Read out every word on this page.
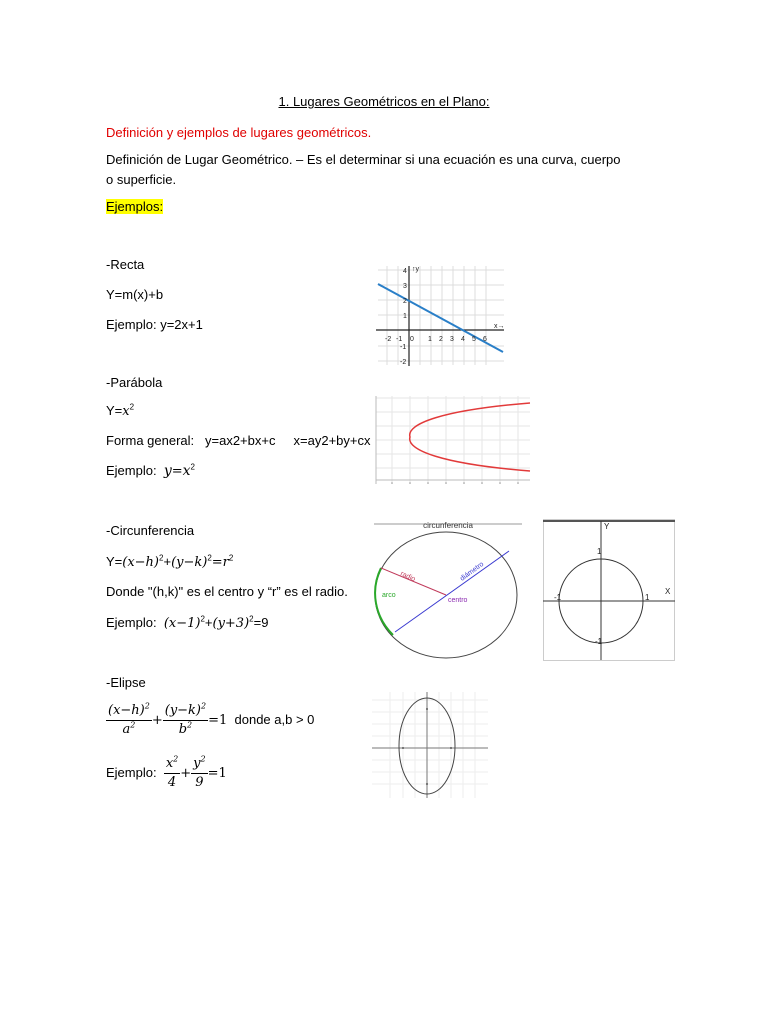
1. Lugares Geométricos en el Plano:
Definición y ejemplos de lugares geométricos.
Definición de Lugar Geométrico. – Es el determinar si una ecuación es una curva, cuerpo o superficie.
Ejemplos:
-Recta
Y=m(x)+b
Ejemplo: y=2x+1
-2 -1 0 1 2 3 4 5 6
4
3
2
1
-1
-2
x→
↑y
-Parábola
$Y=x^2$
Forma general: y=ax2+bx+c x=ay2+by+cx
Ejemplo: $y=x^2$
-Circunferencia
$Y=(x-h)^2+(y-k)^2=r^2$
Donde "(h,k)" es el centro y “r” es el radio.
Ejemplo: $(x-1)^2+(y+3)^2=9$
circunferencia
radio	diámetro
centro
arco
Y
X
1
-1
-1	1
-Elipse
$\frac{(x-h)^2}{a^2} + \frac{(y-k)^2}{b^2} =1$ donde a,b > 0
Ejemplo: $\frac{x^2}{4} + \frac{y^2}{9} =1$
